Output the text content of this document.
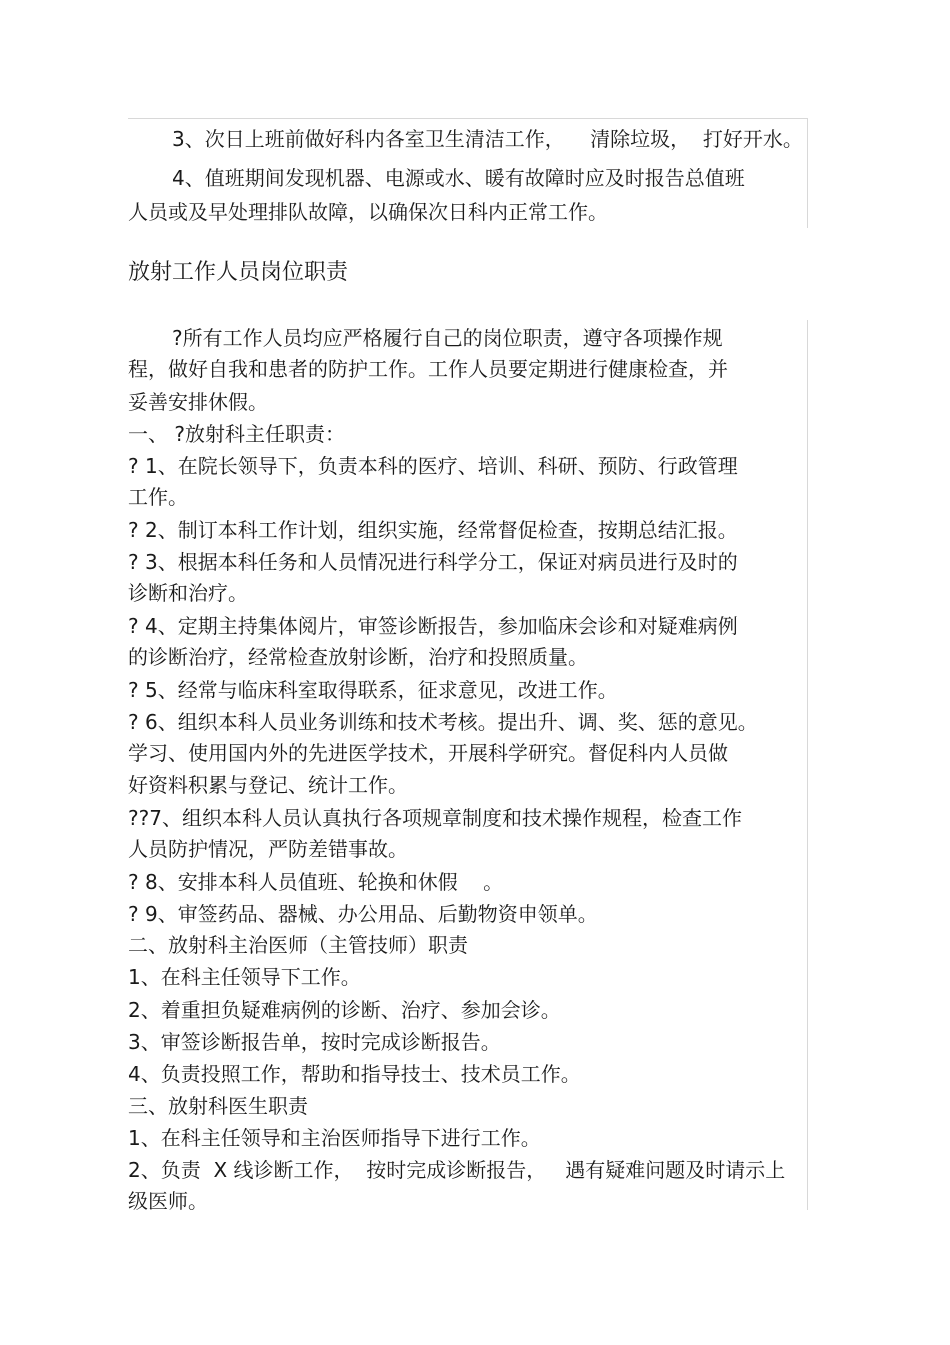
3、次日上班前做好科内各室卫生清洁工作，    清除垃圾，  打好开水。
4、值班期间发现机器、电源或水、暖有故障时应及时报告总值班
人员或及早处理排队故障，以确保次日科内正常工作。
放射工作人员岗位职责
?所有工作人员均应严格履行自己的岗位职责，遵守各项操作规
程，做好自我和患者的防护工作。工作人员要定期进行健康检查，并
妥善安排休假。
一、 ?放射科主任职责：
? 1、在院长领导下，负责本科的医疗、培训、科研、预防、行政管理
工作。
? 2、制订本科工作计划，组织实施，经常督促检查，按期总结汇报。
? 3、根据本科任务和人员情况进行科学分工，保证对病员进行及时的
诊断和治疗。
? 4、定期主持集体阅片，审签诊断报告，参加临床会诊和对疑难病例
的诊断治疗，经常检查放射诊断，治疗和投照质量。
? 5、经常与临床科室取得联系，征求意见，改进工作。
? 6、组织本科人员业务训练和技术考核。提出升、调、奖、惩的意见。
学习、使用国内外的先进医学技术，开展科学研究。督促科内人员做
好资料积累与登记、统计工作。
??7、组织本科人员认真执行各项规章制度和技术操作规程，检查工作
人员防护情况，严防差错事故。
? 8、安排本科人员值班、轮换和休假    。
? 9、审签药品、器械、办公用品、后勤物资申领单。
二、放射科主治医师（主管技师）职责
1、在科主任领导下工作。
2、着重担负疑难病例的诊断、治疗、参加会诊。
3、审签诊断报告单，按时完成诊断报告。
4、负责投照工作，帮助和指导技士、技术员工作。
三、放射科医生职责
1、在科主任领导和主治医师指导下进行工作。
2、负责  X 线诊断工作，  按时完成诊断报告，   遇有疑难问题及时请示上
级医师。
